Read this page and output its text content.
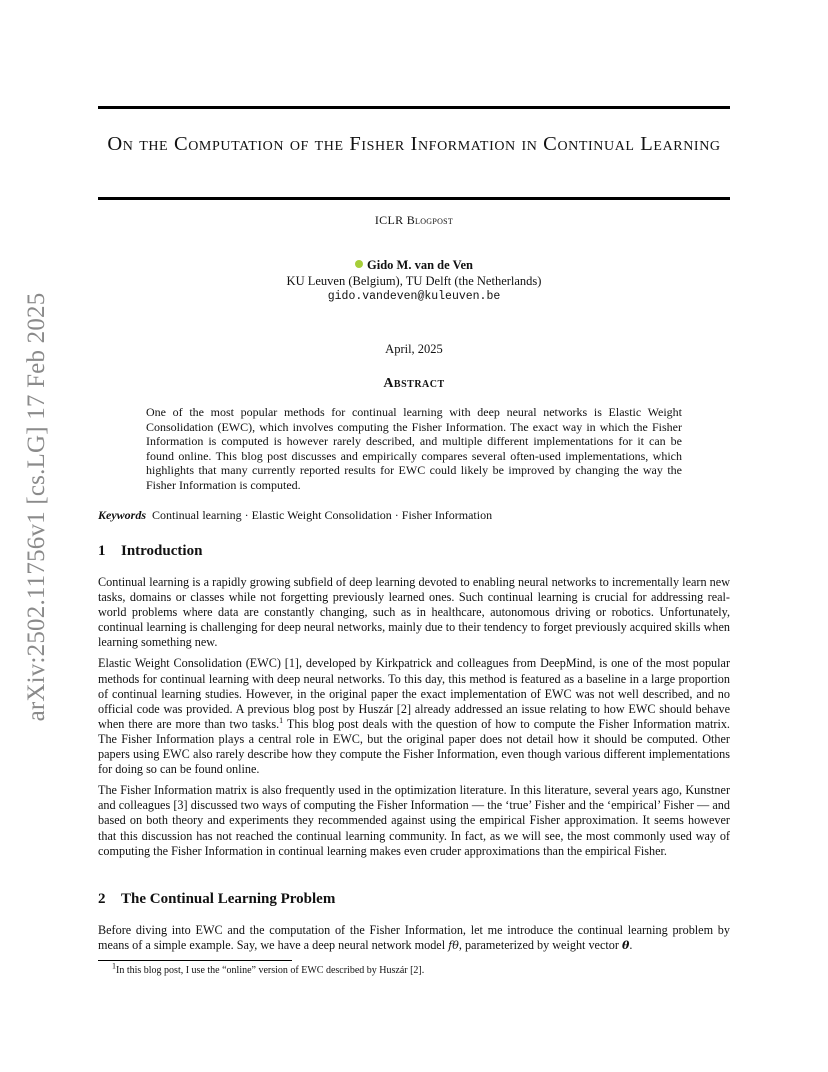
arXiv:2502.11756v1 [cs.LG] 17 Feb 2025
On the Computation of the Fisher Information in Continual Learning
ICLR Blogpost
Gido M. van de Ven
KU Leuven (Belgium), TU Delft (the Netherlands)
gido.vandeven@kuleuven.be
April, 2025
Abstract
One of the most popular methods for continual learning with deep neural networks is Elastic Weight Consolidation (EWC), which involves computing the Fisher Information. The exact way in which the Fisher Information is computed is however rarely described, and multiple different implementations for it can be found online. This blog post discusses and empirically compares several often-used implementations, which highlights that many currently reported results for EWC could likely be improved by changing the way the Fisher Information is computed.
Keywords Continual learning · Elastic Weight Consolidation · Fisher Information
1 Introduction

Continual learning is a rapidly growing subfield of deep learning devoted to enabling neural networks to incrementally learn new tasks, domains or classes while not forgetting previously learned ones. Such continual learning is crucial for addressing real-world problems where data are constantly changing, such as in healthcare, autonomous driving or robotics. Unfortunately, continual learning is challenging for deep neural networks, mainly due to their tendency to forget previously acquired skills when learning something new.

Elastic Weight Consolidation (EWC) [1], developed by Kirkpatrick and colleagues from DeepMind, is one of the most popular methods for continual learning with deep neural networks. To this day, this method is featured as a baseline in a large proportion of continual learning studies. However, in the original paper the exact implementation of EWC was not well described, and no official code was provided. A previous blog post by Huszár [2] already addressed an issue relating to how EWC should behave when there are more than two tasks.$^1$ This blog post deals with the question of how to compute the Fisher Information matrix. The Fisher Information plays a central role in EWC, but the original paper does not detail how it should be computed. Other papers using EWC also rarely describe how they compute the Fisher Information, even though various different implementations for doing so can be found online.

The Fisher Information matrix is also frequently used in the optimization literature. In this literature, several years ago, Kunstner and colleagues [3] discussed two ways of computing the Fisher Information — the ‘true’ Fisher and the ‘empirical’ Fisher — and based on both theory and experiments they recommended against using the empirical Fisher approximation. It seems however that this discussion has not reached the continual learning community. In fact, as we will see, the most commonly used way of computing the Fisher Information in continual learning makes even cruder approximations than the empirical Fisher.

2 The Continual Learning Problem

Before diving into EWC and the computation of the Fisher Information, let me introduce the continual learning problem by means of a simple example. Say, we have a deep neural network model fθ, parameterized by weight vector θ.

$^1$In this blog post, I use the “online” version of EWC described by Huszár [2].
